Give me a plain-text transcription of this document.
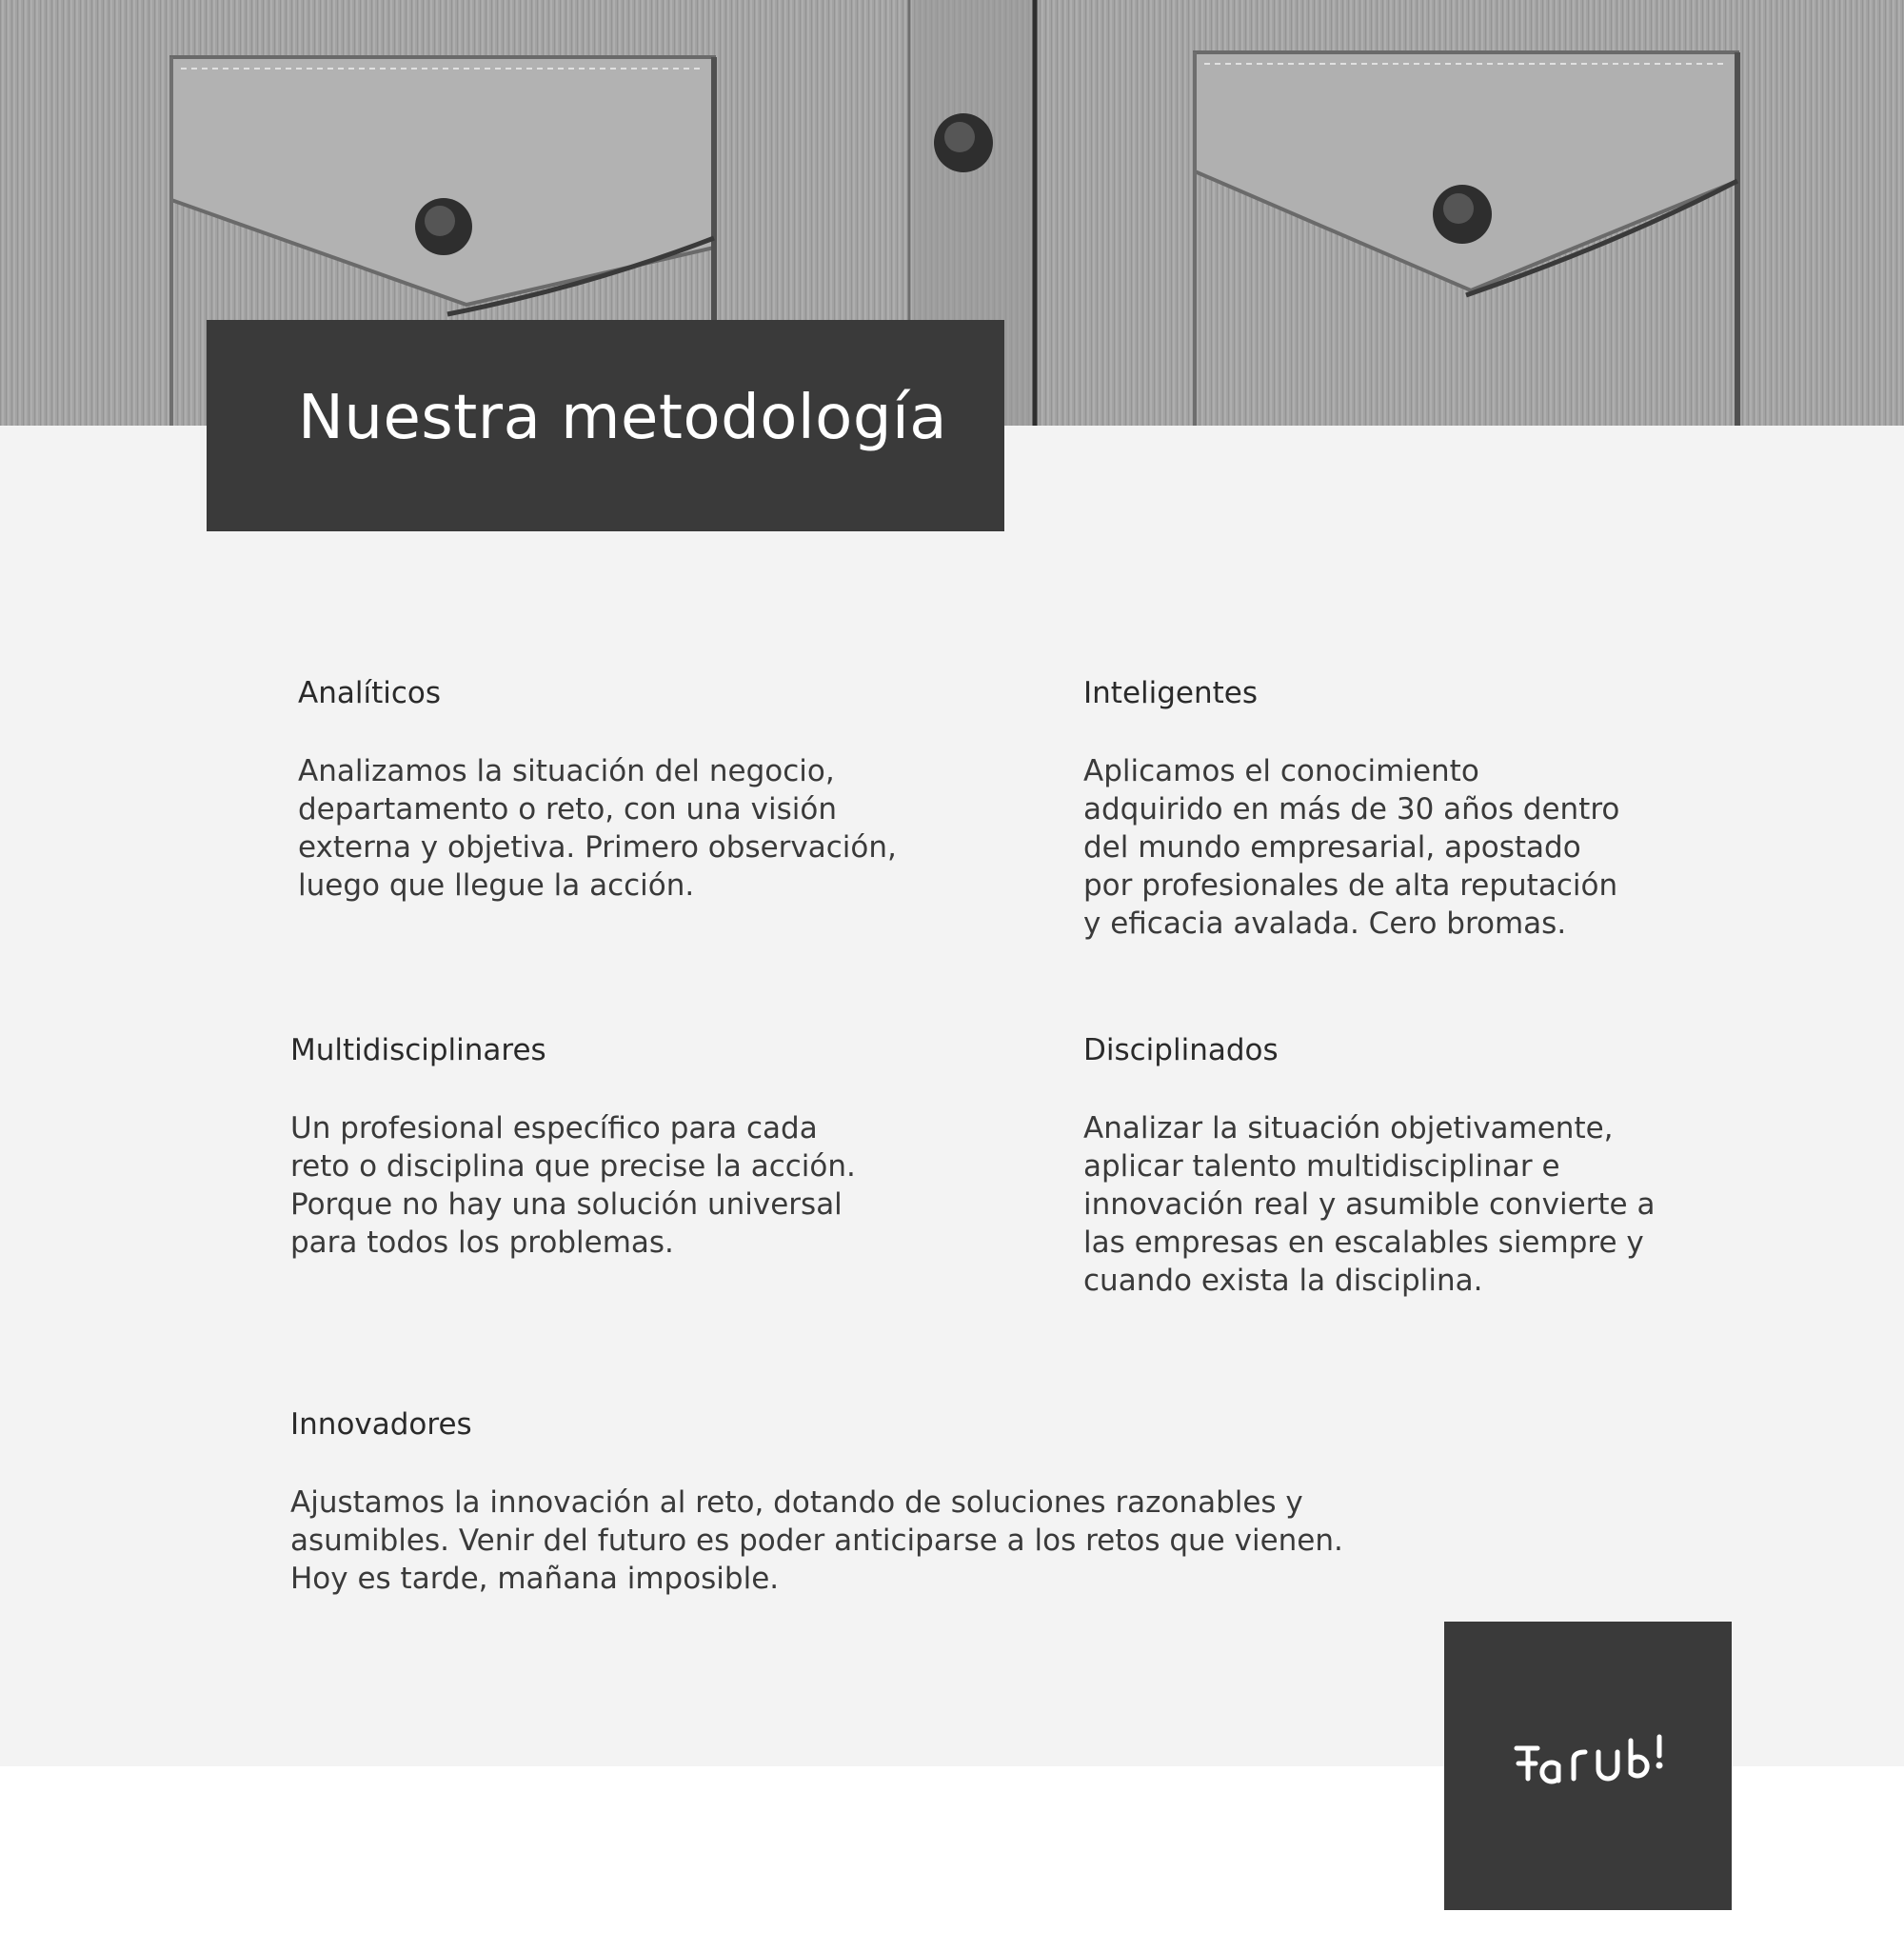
Nuestra metodología
Analíticos

Analizamos la situación del negocio,
departamento o reto, con una visión
externa y objetiva. Primero observación,
luego que llegue la acción.

Inteligentes

Aplicamos el conocimiento
adquirido en más de 30 años dentro
del mundo empresarial, apostado
por profesionales de alta reputación
y eficacia avalada. Cero bromas.

Multidisciplinares

Un profesional específico para cada
reto o disciplina que precise la acción.
Porque no hay una solución universal
para todos los problemas.

Disciplinados

Analizar la situación objetivamente,
aplicar talento multidisciplinar e
innovación real y asumible convierte a
las empresas en escalables siempre y
cuando exista la disciplina.

Innovadores

Ajustamos la innovación al reto, dotando de soluciones razonables y
asumibles. Venir del futuro es poder anticiparse a los retos que vienen.
Hoy es tarde, mañana imposible.
